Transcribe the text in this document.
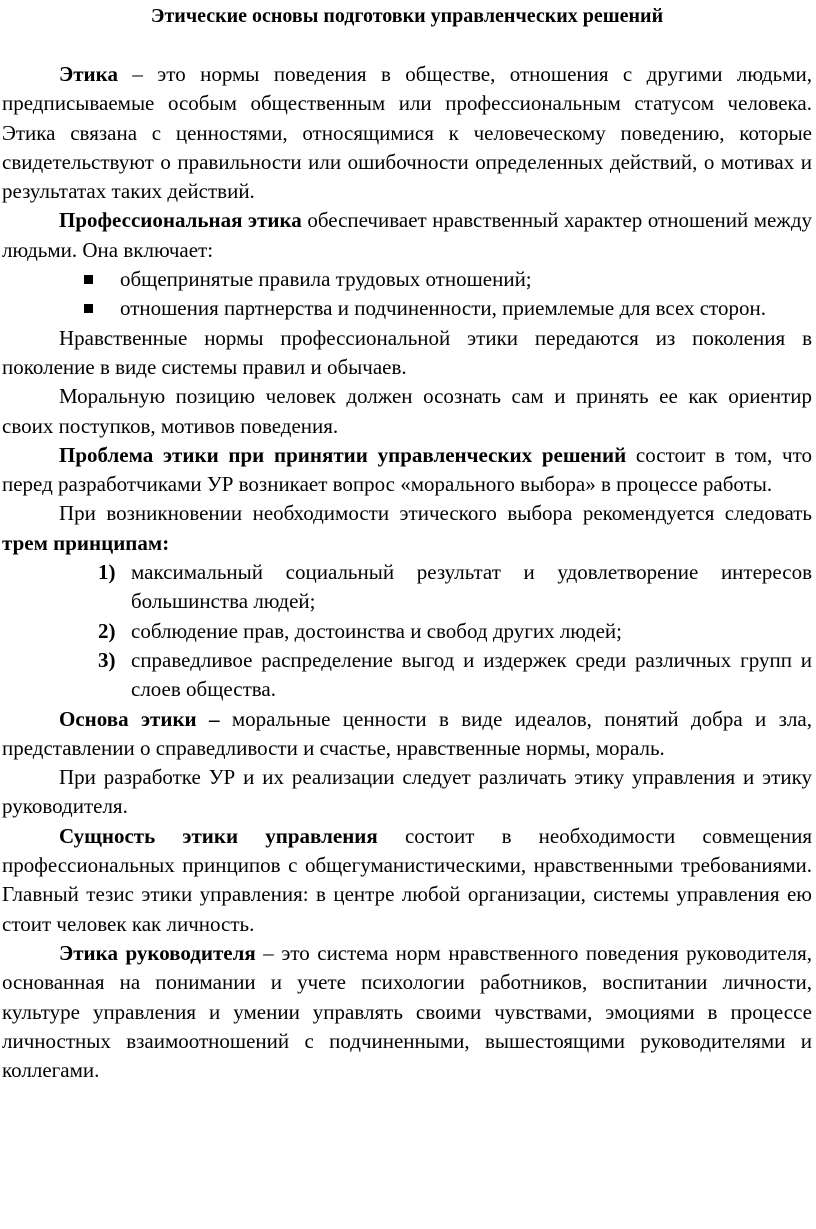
Этические основы подготовки управленческих решений

Этика – это нормы поведения в обществе, отношения с другими людьми, предписываемые особым общественным или профессиональным статусом человека. Этика связана с ценностями, относящимися к человеческому поведению, которые свидетельствуют о правильности или ошибочности определенных действий, о мотивах и результатах таких действий.

Профессиональная этика обеспечивает нравственный характер отношений между людьми. Она включает:

общепринятые правила трудовых отношений;
отношения партнерства и подчиненности, приемлемые для всех сторон.

Нравственные нормы профессиональной этики передаются из поколения в поколение в виде системы правил и обычаев.

Моральную позицию человек должен осознать сам и принять ее как ориентир своих поступков, мотивов поведения.

Проблема этики при принятии управленческих решений состоит в том, что перед разработчиками УР возникает вопрос «морального выбора» в процессе работы.

При возникновении необходимости этического выбора рекомендуется следовать трем принципам:

1) максимальный социальный результат и удовлетворение интересов большинства людей;
2) соблюдение прав, достоинства и свобод других людей;
3) справедливое распределение выгод и издержек среди различных групп и слоев общества.

Основа этики – моральные ценности в виде идеалов, понятий добра и зла, представлении о справедливости и счастье, нравственные нормы, мораль.

При разработке УР и их реализации следует различать этику управления и этику руководителя.

Сущность этики управления состоит в необходимости совмещения профессиональных принципов с общегуманистическими, нравственными требованиями. Главный тезис этики управления: в центре любой организации, системы управления ею стоит человек как личность.

Этика руководителя – это система норм нравственного поведения руководителя, основанная на понимании и учете психологии работников, воспитании личности, культуре управления и умении управлять своими чувствами, эмоциями в процессе личностных взаимоотношений с подчиненными, вышестоящими руководителями и коллегами.
